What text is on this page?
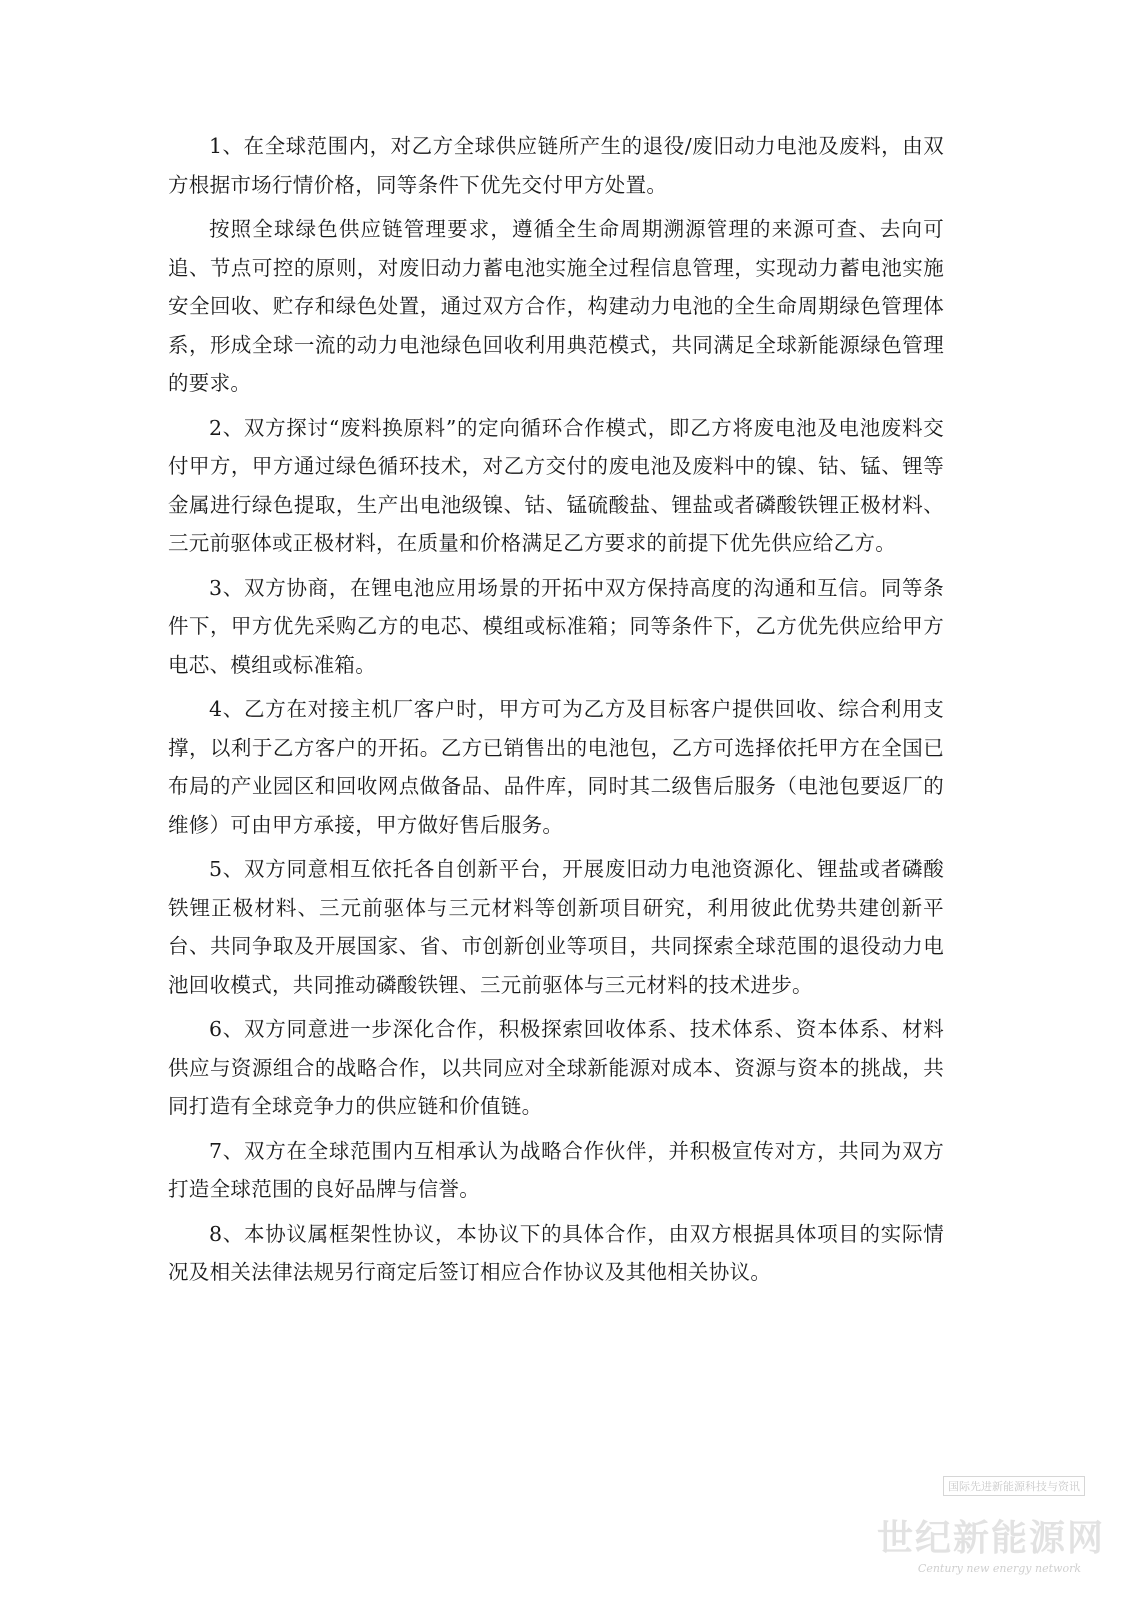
1、在全球范围内，对乙方全球供应链所产生的退役/废旧动力电池及废料，由双方根据市场行情价格，同等条件下优先交付甲方处置。

按照全球绿色供应链管理要求，遵循全生命周期溯源管理的来源可查、去向可追、节点可控的原则，对废旧动力蓄电池实施全过程信息管理，实现动力蓄电池实施安全回收、贮存和绿色处置，通过双方合作，构建动力电池的全生命周期绿色管理体系，形成全球一流的动力电池绿色回收利用典范模式，共同满足全球新能源绿色管理的要求。

2、双方探讨“废料换原料”的定向循环合作模式，即乙方将废电池及电池废料交付甲方，甲方通过绿色循环技术，对乙方交付的废电池及废料中的镍、钴、锰、锂等金属进行绿色提取，生产出电池级镍、钴、锰硫酸盐、锂盐或者磷酸铁锂正极材料、三元前驱体或正极材料，在质量和价格满足乙方要求的前提下优先供应给乙方。

3、双方协商，在锂电池应用场景的开拓中双方保持高度的沟通和互信。同等条件下，甲方优先采购乙方的电芯、模组或标准箱；同等条件下，乙方优先供应给甲方电芯、模组或标准箱。

4、乙方在对接主机厂客户时，甲方可为乙方及目标客户提供回收、综合利用支撑，以利于乙方客户的开拓。乙方已销售出的电池包，乙方可选择依托甲方在全国已布局的产业园区和回收网点做备品、品件库，同时其二级售后服务（电池包要返厂的维修）可由甲方承接，甲方做好售后服务。

5、双方同意相互依托各自创新平台，开展废旧动力电池资源化、锂盐或者磷酸铁锂正极材料、三元前驱体与三元材料等创新项目研究，利用彼此优势共建创新平台、共同争取及开展国家、省、市创新创业等项目，共同探索全球范围的退役动力电池回收模式，共同推动磷酸铁锂、三元前驱体与三元材料的技术进步。

6、双方同意进一步深化合作，积极探索回收体系、技术体系、资本体系、材料供应与资源组合的战略合作，以共同应对全球新能源对成本、资源与资本的挑战，共同打造有全球竞争力的供应链和价值链。

7、双方在全球范围内互相承认为战略合作伙伴，并积极宣传对方，共同为双方打造全球范围的良好品牌与信誉。

8、本协议属框架性协议，本协议下的具体合作，由双方根据具体项目的实际情况及相关法律法规另行商定后签订相应合作协议及其他相关协议。

国际先进新能源科技与资讯
世纪新能源网
Century new energy network
